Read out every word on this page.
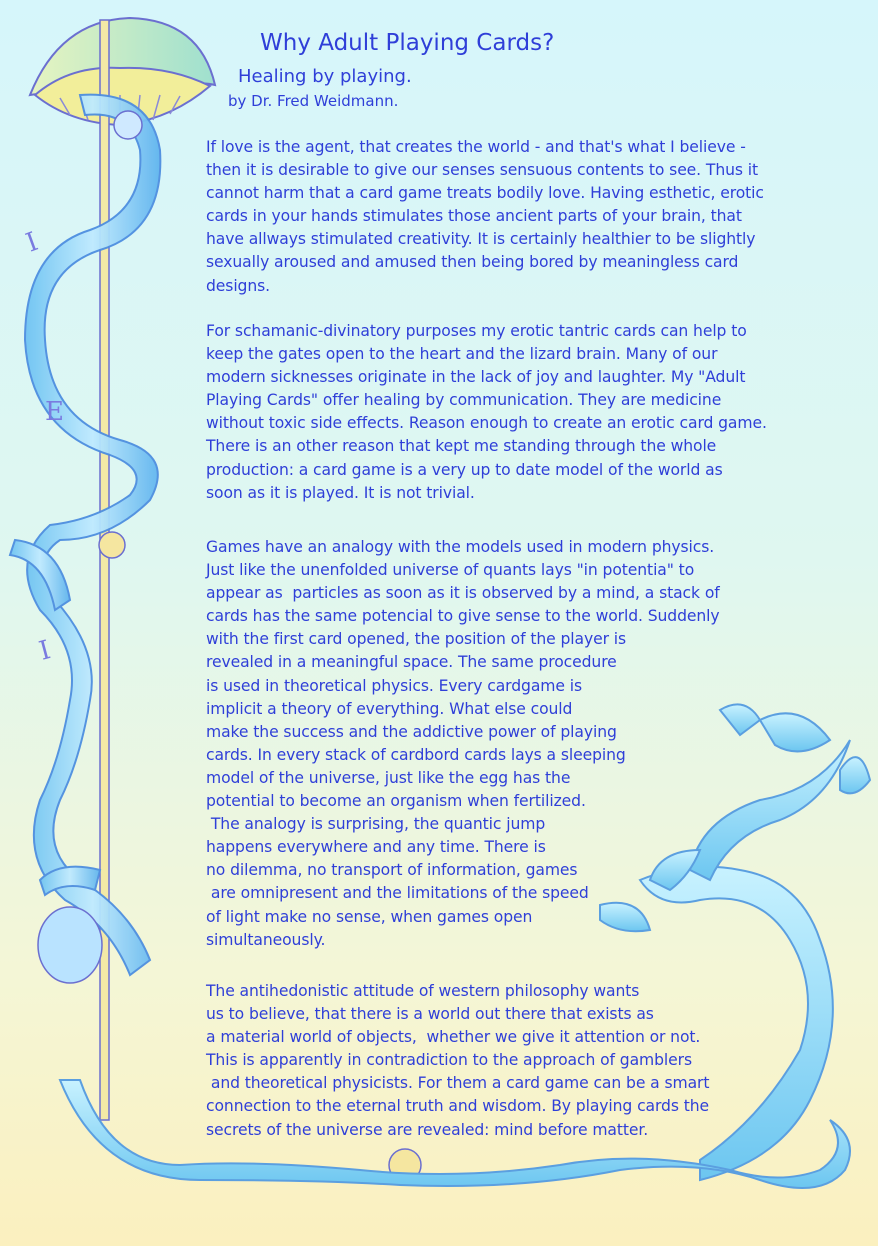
I
E
I
Why Adult Playing Cards?
Healing by playing.
by Dr. Fred Weidmann.

If love is the agent, that creates the world - and that's what I believe -
then it is desirable to give our senses sensuous contents to see. Thus it
cannot harm that a card game treats bodily love. Having esthetic, erotic
cards in your hands stimulates those ancient parts of your brain, that
have allways stimulated creativity. It is certainly healthier to be slightly
sexually aroused and amused then being bored by meaningless card
designs.

For schamanic-divinatory purposes my erotic tantric cards can help to
keep the gates open to the heart and the lizard brain. Many of our
modern sicknesses originate in the lack of joy and laughter. My "Adult
Playing Cards" offer healing by communication. They are medicine
without toxic side effects. Reason enough to create an erotic card game.
There is an other reason that kept me standing through the whole
production: a card game is a very up to date model of the world as
soon as it is played. It is not trivial.

Games have an analogy with the models used in modern physics.
Just like the unenfolded universe of quants lays "in potentia" to
appear as  particles as soon as it is observed by a mind, a stack of
cards has the same potencial to give sense to the world. Suddenly
with the first card opened, the position of the player is
revealed in a meaningful space. The same procedure
is used in theoretical physics. Every cardgame is
implicit a theory of everything. What else could
make the success and the addictive power of playing
cards. In every stack of cardbord cards lays a sleeping
model of the universe, just like the egg has the
potential to become an organism when fertilized.
The analogy is surprising, the quantic jump
happens everywhere and any time. There is
no dilemma, no transport of information, games
are omnipresent and the limitations of the speed
of light make no sense, when games open
simultaneously.

The antihedonistic attitude of western philosophy wants
us to believe, that there is a world out there that exists as
a material world of objects,  whether we give it attention or not.
This is apparently in contradiction to the approach of gamblers
and theoretical physicists. For them a card game can be a smart
connection to the eternal truth and wisdom. By playing cards the
secrets of the universe are revealed: mind before matter.
